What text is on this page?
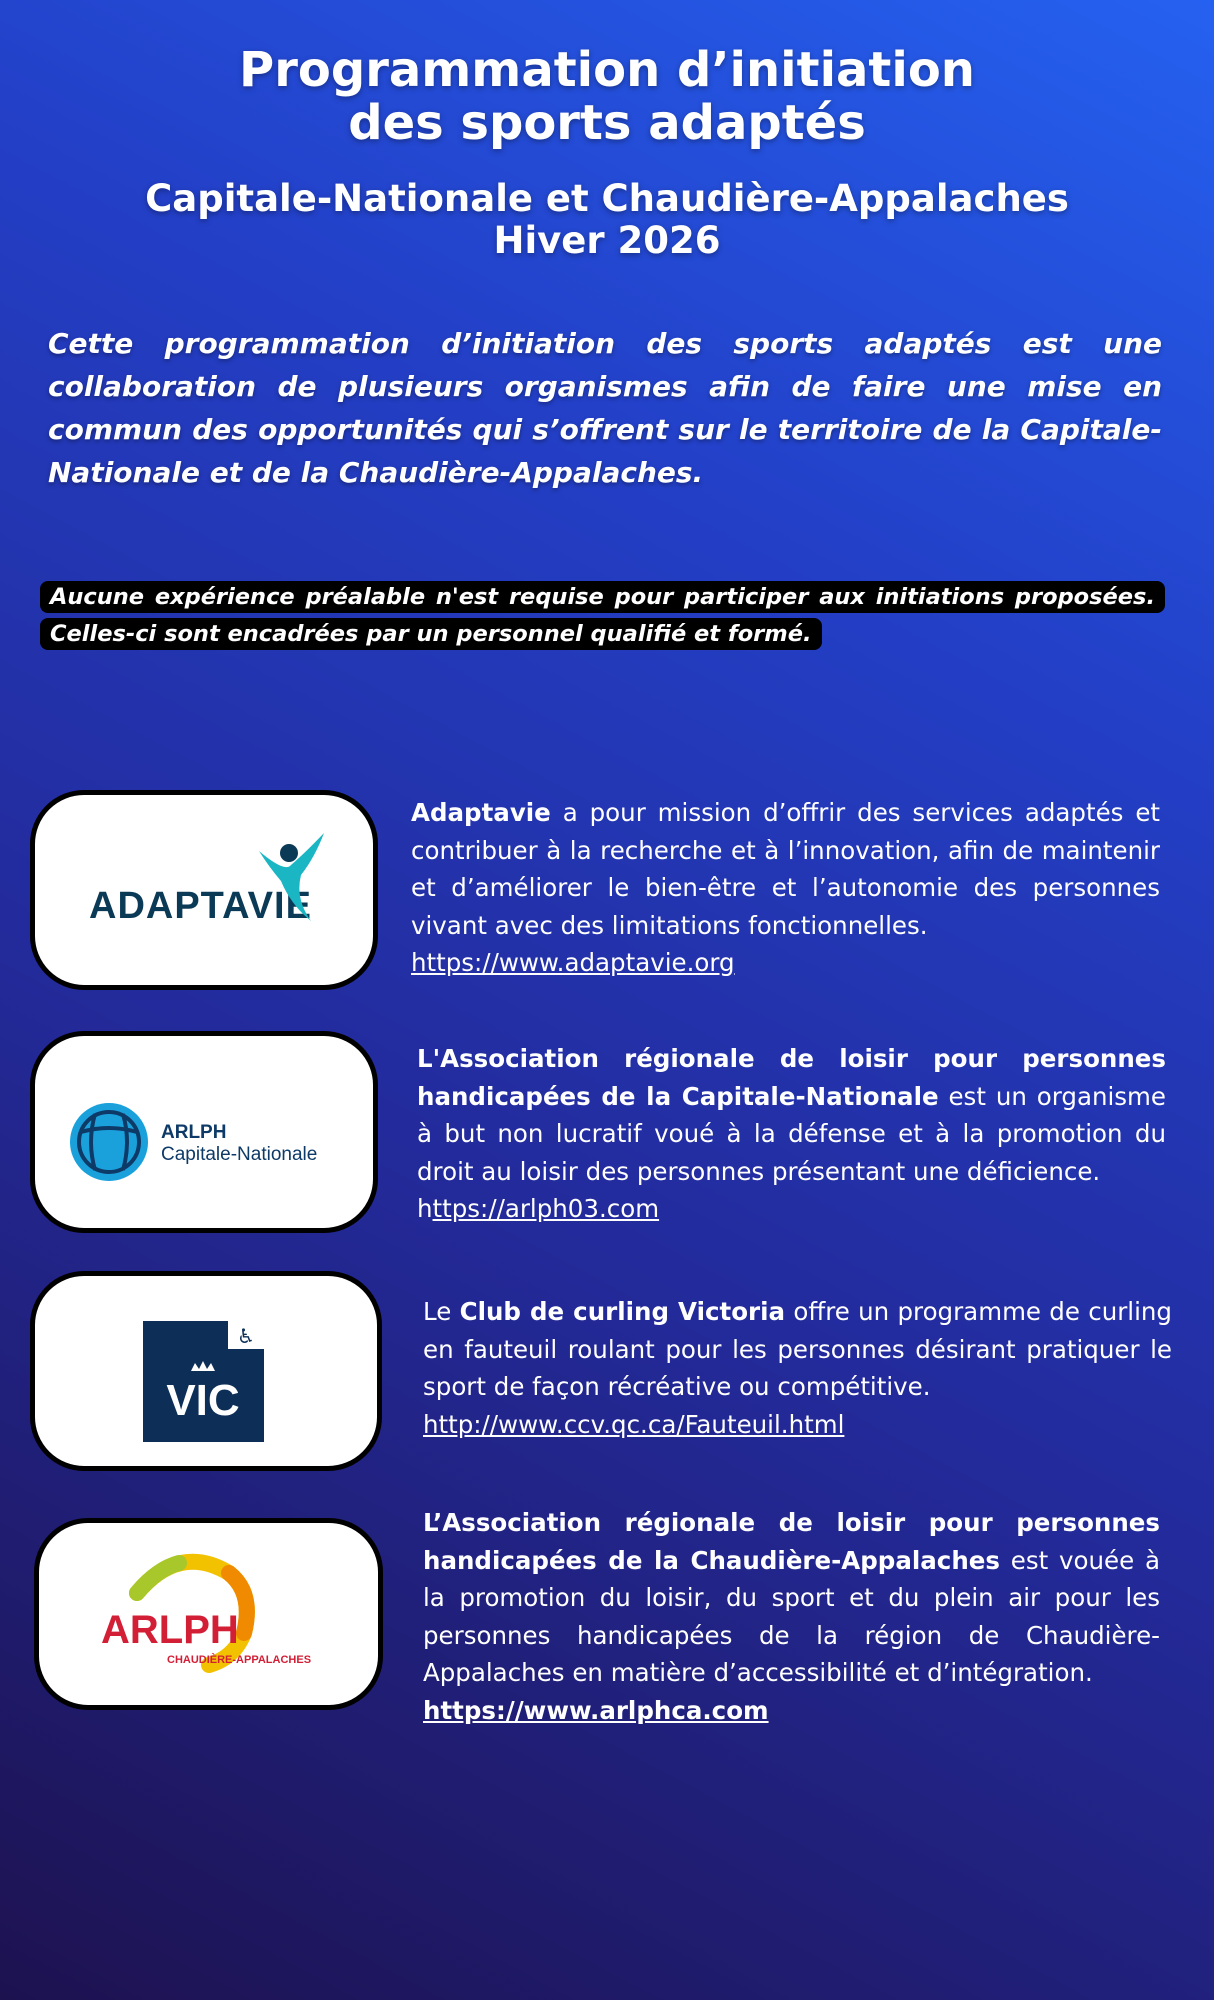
Programmation d’initiation
des sports adaptés
Capitale-Nationale et Chaudière-Appalaches
Hiver 2026
Cette programmation d’initiation des sports adaptés est une collaboration de plusieurs organismes afin de faire une mise en commun des opportunités qui s’offrent sur le territoire de la Capitale-Nationale et de la Chaudière-Appalaches.
Aucune expérience préalable n'est requise pour participer aux initiations proposées. Celles-ci sont encadrées par un personnel qualifié et formé.
ADAPTAVIE
Adaptavie a pour mission d’offrir des services adaptés et contribuer à la recherche et à l’innovation, afin de maintenir et d’améliorer le bien-être et l’autonomie des personnes vivant avec des limitations fonctionnelles.
https://www.adaptavie.org
ARLPH
Capitale-Nationale
L'Association régionale de loisir pour personnes handicapées de la Capitale-Nationale est un organisme à but non lucratif voué à la défense et à la promotion du droit au loisir des personnes présentant une déficience.
https://arlph03.com
♿
VIC
Le Club de curling Victoria offre un programme de curling en fauteuil roulant pour les personnes désirant pratiquer le sport de façon récréative ou compétitive.
http://www.ccv.qc.ca/Fauteuil.html
ARLPH
CHAUDIÈRE-APPALACHES
L’Association régionale de loisir pour personnes handicapées de la Chaudière-Appalaches est vouée à la promotion du loisir, du sport et du plein air pour les personnes handicapées de la région de Chaudière-Appalaches en matière d’accessibilité et d’intégration.
https://www.arlphca.com
